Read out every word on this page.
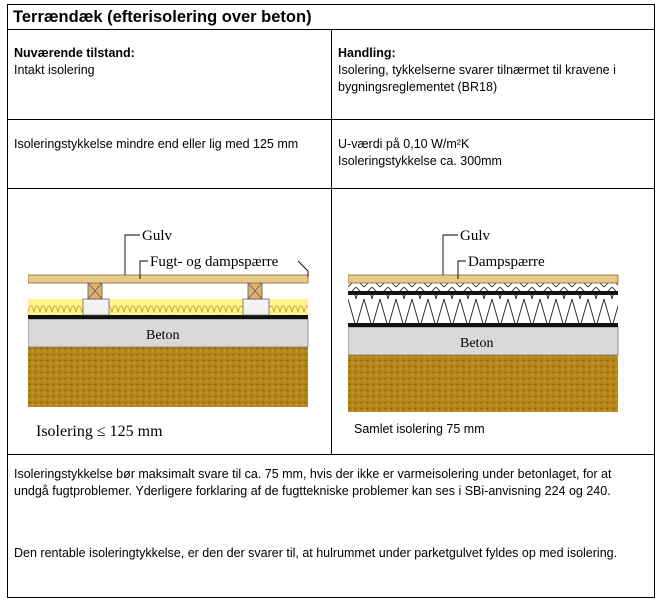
Terrændæk (efterisolering over beton)
Nuværende tilstand:
Intakt isolering
Handling:
Isolering, tykkelserne svarer tilnærmet til kravene i bygningsreglementet (BR18)
Isoleringstykkelse mindre end eller lig med 125 mm	U-værdi på 0,10 W/m²K
Isoleringstykkelse ca. 300mm
Gulv
Fugt- og dampspærre
Beton
Isolering ≤ 125 mm
Gulv
Dampspærre
Beton
Samlet isolering 75 mm
Isoleringstykkelse bør maksimalt svare til ca. 75 mm, hvis der ikke er varmeisolering under betonlaget, for at undgå fugtproblemer. Yderligere forklaring af de fugttekniske problemer kan ses i SBi-anvisning 224 og 240.
Den rentable isoleringtykkelse, er den der svarer til, at hulrummet under parketgulvet fyldes op med isolering.
